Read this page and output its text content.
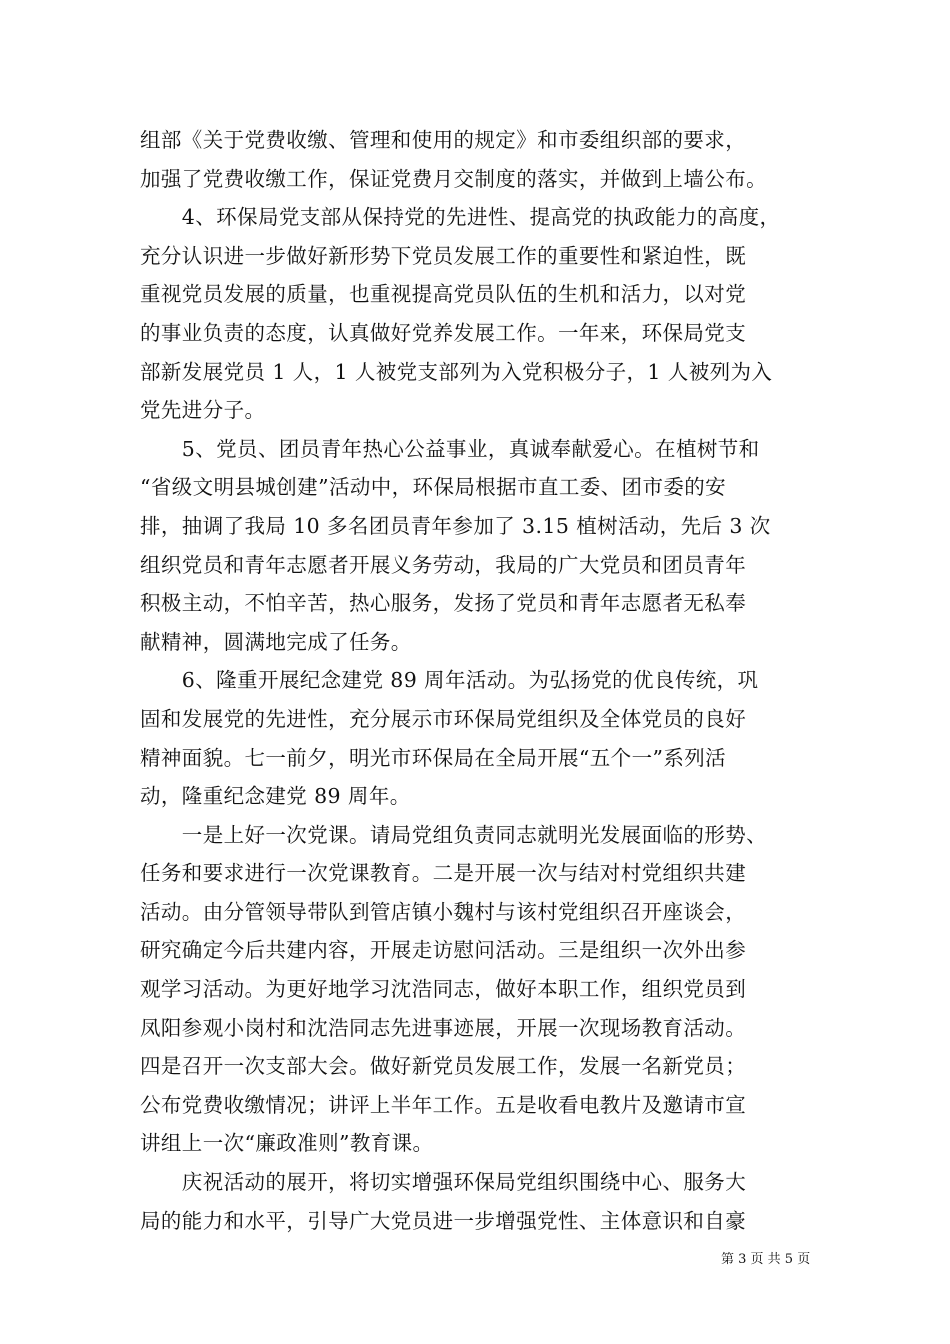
组部《关于党费收缴、管理和使用的规定》和市委组织部的要求，
加强了党费收缴工作，保证党费月交制度的落实，并做到上墙公布。
　　4、环保局党支部从保持党的先进性、提高党的执政能力的高度，
充分认识进一步做好新形势下党员发展工作的重要性和紧迫性，既
重视党员发展的质量，也重视提高党员队伍的生机和活力，以对党
的事业负责的态度，认真做好党养发展工作。一年来，环保局党支
部新发展党员 1 人，1 人被党支部列为入党积极分子，1 人被列为入
党先进分子。
　　5、党员、团员青年热心公益事业，真诚奉献爱心。在植树节和
“省级文明县城创建”活动中，环保局根据市直工委、团市委的安
排，抽调了我局 10 多名团员青年参加了 3.15 植树活动，先后 3 次
组织党员和青年志愿者开展义务劳动，我局的广大党员和团员青年
积极主动，不怕辛苦，热心服务，发扬了党员和青年志愿者无私奉
献精神，圆满地完成了任务。
　　6、隆重开展纪念建党 89 周年活动。为弘扬党的优良传统，巩
固和发展党的先进性，充分展示市环保局党组织及全体党员的良好
精神面貌。七一前夕，明光市环保局在全局开展“五个一”系列活
动，隆重纪念建党 89 周年。
　　一是上好一次党课。请局党组负责同志就明光发展面临的形势、
任务和要求进行一次党课教育。二是开展一次与结对村党组织共建
活动。由分管领导带队到管店镇小魏村与该村党组织召开座谈会，
研究确定今后共建内容，开展走访慰问活动。三是组织一次外出参
观学习活动。为更好地学习沈浩同志，做好本职工作，组织党员到
凤阳参观小岗村和沈浩同志先进事迹展，开展一次现场教育活动。
四是召开一次支部大会。做好新党员发展工作，发展一名新党员；
公布党费收缴情况；讲评上半年工作。五是收看电教片及邀请市宣
讲组上一次“廉政准则”教育课。
　　庆祝活动的展开，将切实增强环保局党组织围绕中心、服务大
局的能力和水平，引导广大党员进一步增强党性、主体意识和自豪
第 3 页 共 5 页
